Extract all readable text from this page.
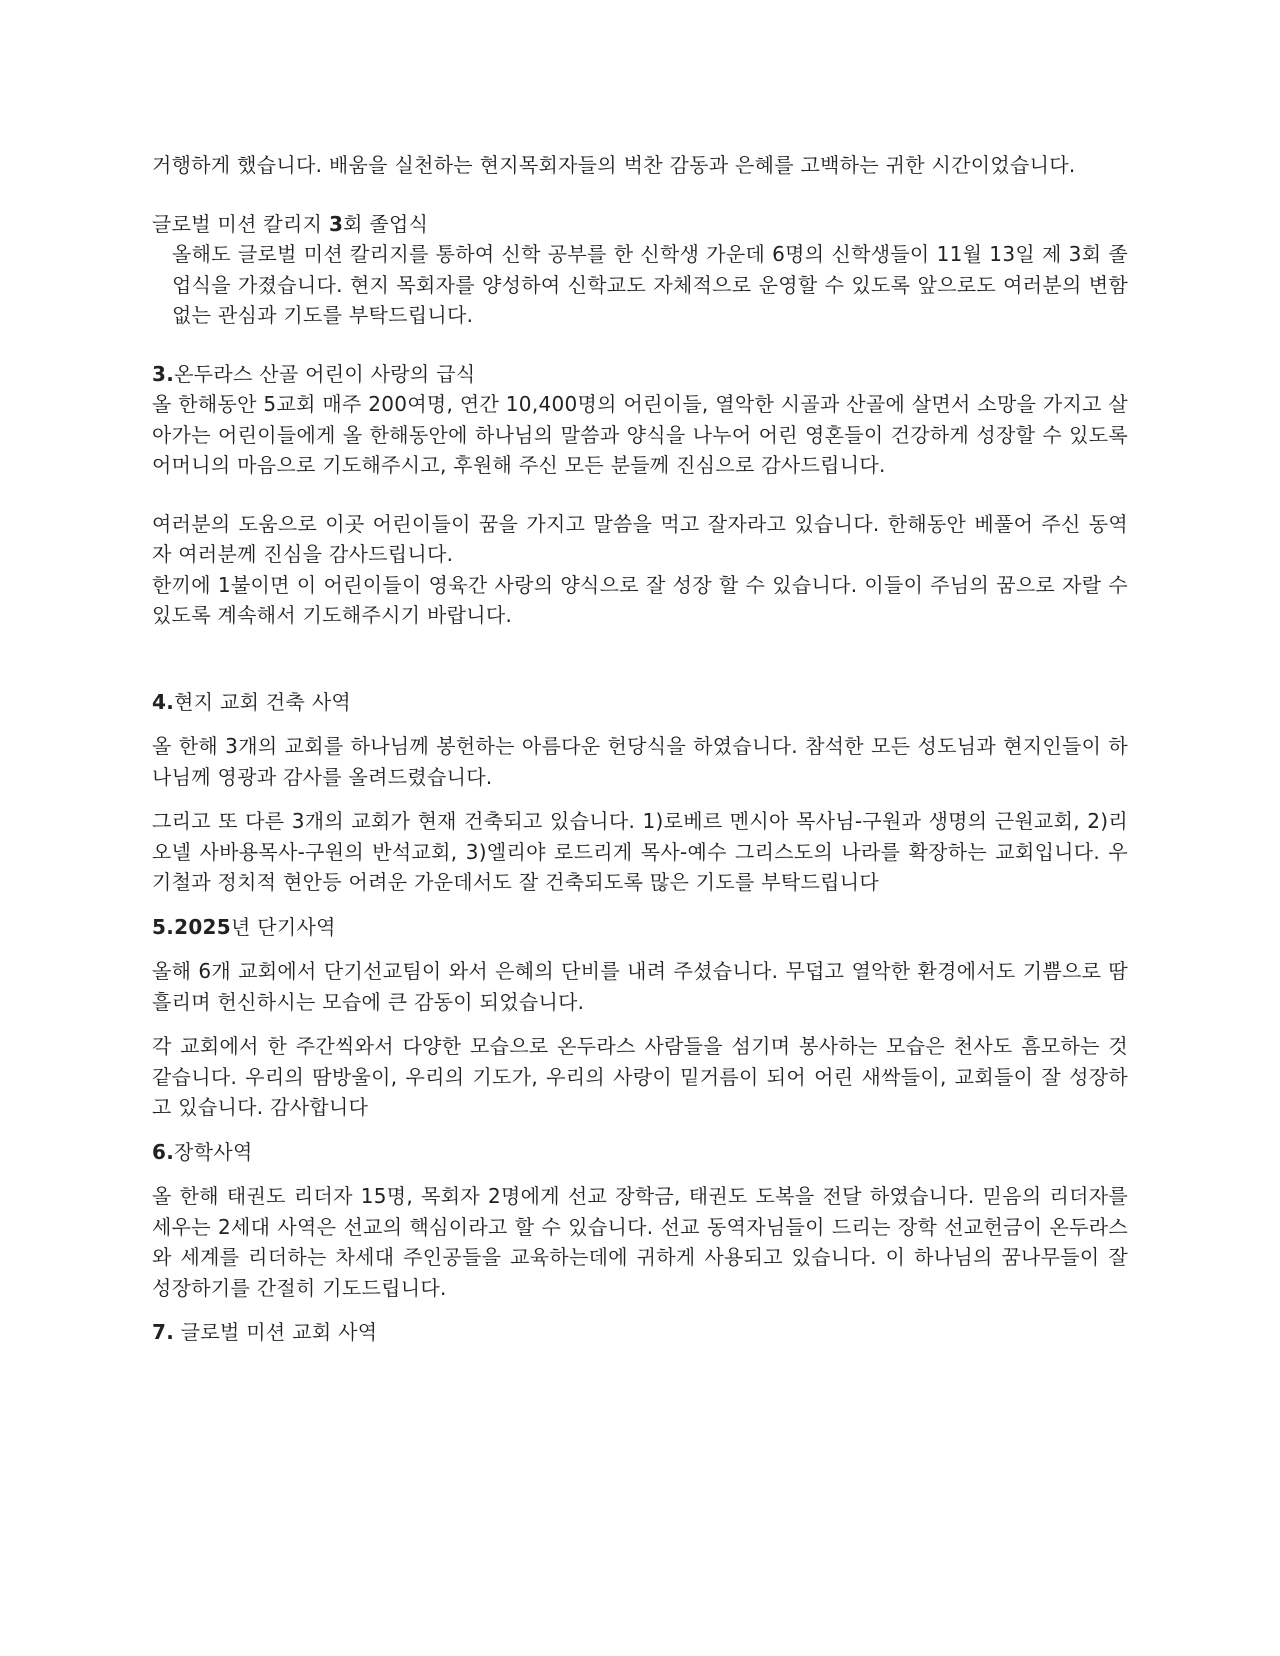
거행하게 했습니다. 배움을 실천하는 현지목회자들의 벅찬 감동과 은혜를 고백하는 귀한 시간이었습니다.

글로벌 미션 칼리지 3회 졸업식

올해도 글로벌 미션 칼리지를 통하여 신학 공부를 한 신학생 가운데 6명의 신학생들이 11월 13일 제 3회 졸업식을 가졌습니다. 현지 목회자를 양성하여 신학교도 자체적으로 운영할 수 있도록 앞으로도 여러분의 변함없는 관심과 기도를 부탁드립니다.

3.온두라스 산골 어린이 사랑의 급식

올 한해동안 5교회 매주 200여명, 연간 10,400명의 어린이들, 열악한 시골과 산골에 살면서 소망을 가지고 살아가는 어린이들에게 올 한해동안에 하나님의 말씀과 양식을 나누어 어린 영혼들이 건강하게 성장할 수 있도록 어머니의 마음으로 기도해주시고, 후원해 주신 모든 분들께 진심으로 감사드립니다.

여러분의 도움으로 이곳 어린이들이 꿈을 가지고 말씀을 먹고 잘자라고 있습니다. 한해동안 베풀어 주신 동역자 여러분께 진심을 감사드립니다.

한끼에 1불이면 이 어린이들이 영육간 사랑의 양식으로 잘 성장 할 수 있습니다. 이들이 주님의 꿈으로 자랄 수 있도록 계속해서 기도해주시기 바랍니다.

4.현지 교회 건축 사역

올 한해 3개의 교회를 하나님께 봉헌하는 아름다운 헌당식을 하였습니다. 참석한 모든 성도님과 현지인들이 하나님께 영광과 감사를 올려드렸습니다.

그리고 또 다른 3개의 교회가 현재 건축되고 있습니다. 1)로베르 멘시아 목사님-구원과 생명의 근원교회, 2)리오넬 사바용목사-구원의 반석교회, 3)엘리야 로드리게 목사-예수 그리스도의 나라를 확장하는 교회입니다. 우기철과 정치적 현안등 어려운 가운데서도 잘 건축되도록 많은 기도를 부탁드립니다

5.2025년 단기사역

올해 6개 교회에서 단기선교팀이 와서 은혜의 단비를 내려 주셨습니다. 무덥고 열악한 환경에서도 기쁨으로 땀흘리며 헌신하시는 모습에 큰 감동이 되었습니다.

각 교회에서 한 주간씩와서 다양한 모습으로 온두라스 사람들을 섬기며 봉사하는 모습은 천사도 흠모하는 것 같습니다. 우리의 땀방울이, 우리의 기도가, 우리의 사랑이 밑거름이 되어 어린 새싹들이, 교회들이 잘 성장하고 있습니다. 감사합니다

6.장학사역

올 한해 태권도 리더자 15명, 목회자 2명에게 선교 장학금, 태권도 도복을 전달 하였습니다. 믿음의 리더자를 세우는 2세대 사역은 선교의 핵심이라고 할 수 있습니다. 선교 동역자님들이 드리는 장학 선교헌금이 온두라스와 세계를 리더하는 차세대 주인공들을 교육하는데에 귀하게 사용되고 있습니다. 이 하나님의 꿈나무들이 잘 성장하기를 간절히 기도드립니다.

7. 글로벌 미션 교회 사역
